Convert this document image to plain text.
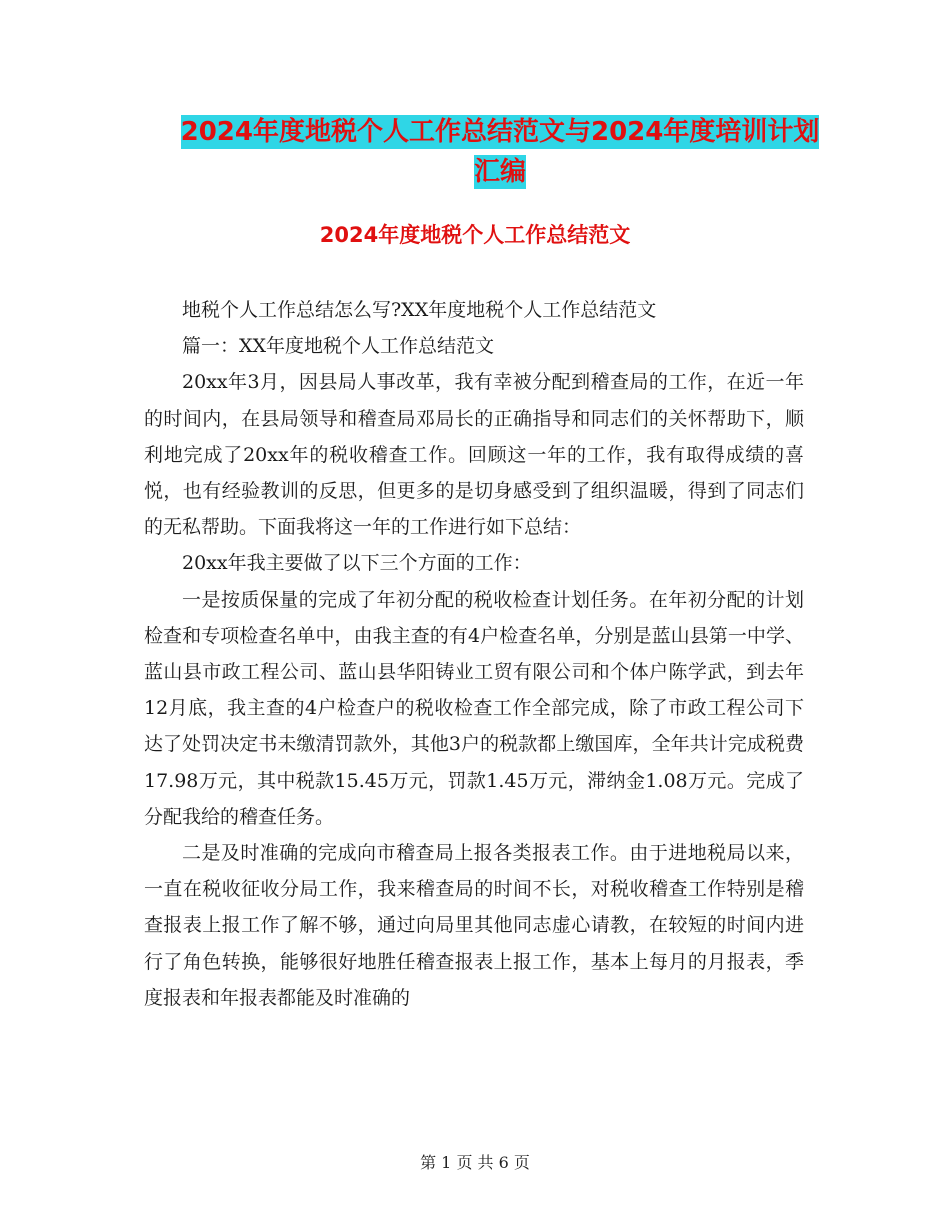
2024年度地税个人工作总结范文与2024年度培训计划
汇编
2024年度地税个人工作总结范文

地税个人工作总结怎么写?XX年度地税个人工作总结范文

篇一：XX年度地税个人工作总结范文

20xx年3月，因县局人事改革，我有幸被分配到稽查局的工作，在近一年的时间内，在县局领导和稽查局邓局长的正确指导和同志们的关怀帮助下，顺利地完成了20xx年的税收稽查工作。回顾这一年的工作，我有取得成绩的喜悦，也有经验教训的反思，但更多的是切身感受到了组织温暖，得到了同志们的无私帮助。下面我将这一年的工作进行如下总结：

20xx年我主要做了以下三个方面的工作：

一是按质保量的完成了年初分配的税收检查计划任务。在年初分配的计划检查和专项检查名单中，由我主查的有4户检查名单，分别是蓝山县第一中学、蓝山县市政工程公司、蓝山县华阳铸业工贸有限公司和个体户陈学武，到去年12月底，我主查的4户检查户的税收检查工作全部完成，除了市政工程公司下达了处罚决定书未缴清罚款外，其他3户的税款都上缴国库，全年共计完成税费17.98万元，其中税款15.45万元，罚款1.45万元，滞纳金1.08万元。完成了分配我给的稽查任务。

二是及时准确的完成向市稽查局上报各类报表工作。由于进地税局以来，一直在税收征收分局工作，我来稽查局的时间不长，对税收稽查工作特别是稽查报表上报工作了解不够，通过向局里其他同志虚心请教，在较短的时间内进行了角色转换，能够很好地胜任稽查报表上报工作，基本上每月的月报表，季度报表和年报表都能及时准确的

第 1 页 共 6 页
